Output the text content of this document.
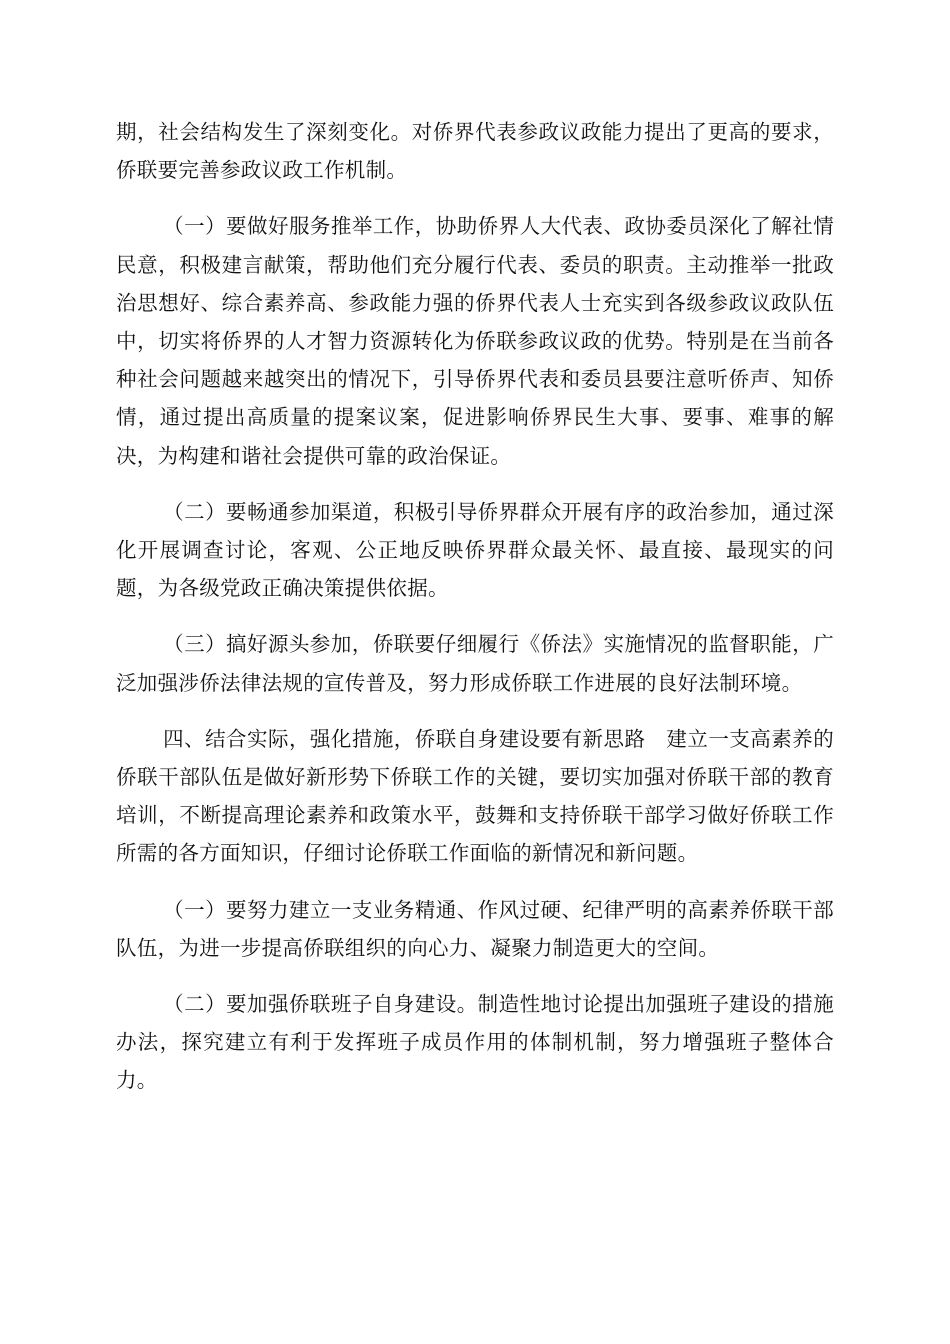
期，社会结构发生了深刻变化。对侨界代表参政议政能力提出了更高的要求，侨联要完善参政议政工作机制。

（一）要做好服务推举工作，协助侨界人大代表、政协委员深化了解社情民意，积极建言献策，帮助他们充分履行代表、委员的职责。主动推举一批政治思想好、综合素养高、参政能力强的侨界代表人士充实到各级参政议政队伍中，切实将侨界的人才智力资源转化为侨联参政议政的优势。特别是在当前各种社会问题越来越突出的情况下，引导侨界代表和委员县要注意听侨声、知侨情，通过提出高质量的提案议案，促进影响侨界民生大事、要事、难事的解决，为构建和谐社会提供可靠的政治保证。

（二）要畅通参加渠道，积极引导侨界群众开展有序的政治参加，通过深化开展调查讨论，客观、公正地反映侨界群众最关怀、最直接、最现实的问题，为各级党政正确决策提供依据。

（三）搞好源头参加，侨联要仔细履行《侨法》实施情况的监督职能，广泛加强涉侨法律法规的宣传普及，努力形成侨联工作进展的良好法制环境。

四、结合实际，强化措施，侨联自身建设要有新思路　建立一支高素养的侨联干部队伍是做好新形势下侨联工作的关键，要切实加强对侨联干部的教育培训，不断提高理论素养和政策水平，鼓舞和支持侨联干部学习做好侨联工作所需的各方面知识，仔细讨论侨联工作面临的新情况和新问题。

（一）要努力建立一支业务精通、作风过硬、纪律严明的高素养侨联干部队伍，为进一步提高侨联组织的向心力、凝聚力制造更大的空间。

（二）要加强侨联班子自身建设。制造性地讨论提出加强班子建设的措施办法，探究建立有利于发挥班子成员作用的体制机制，努力增强班子整体合力。
